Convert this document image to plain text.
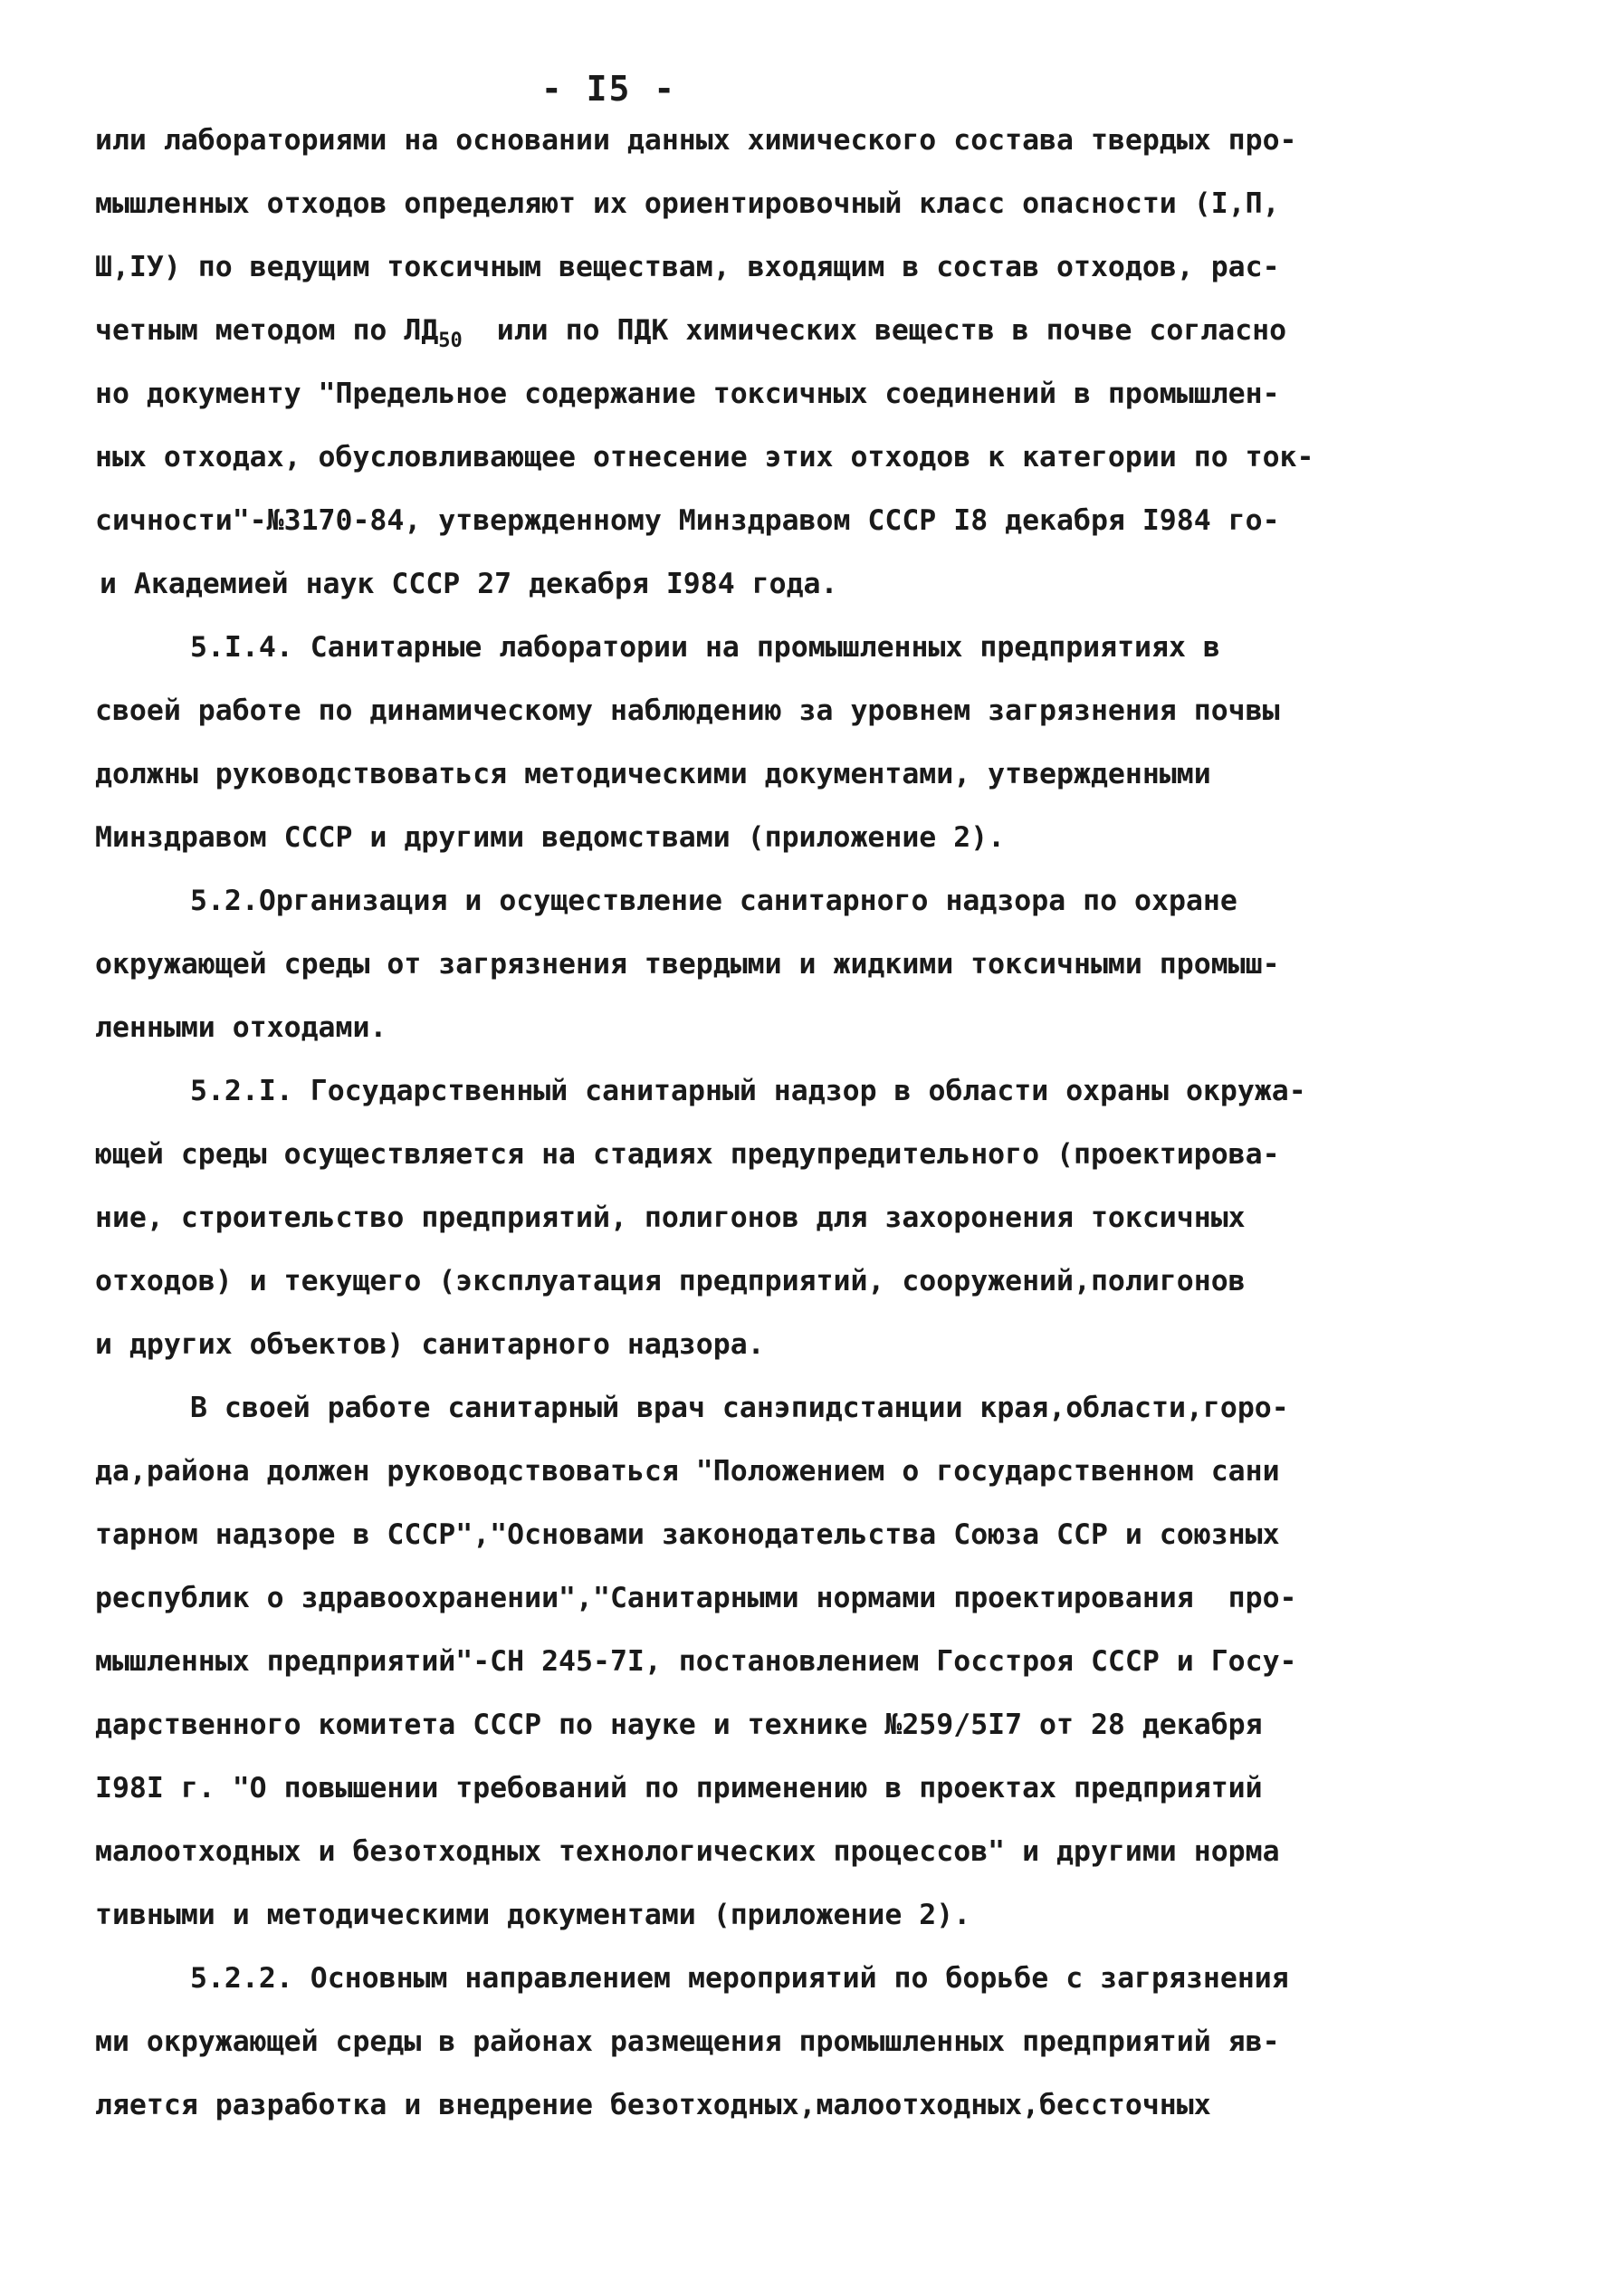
- I5 -
или лабораториями на основании данных химического состава твердых про-
мышленных отходов определяют их ориентировочный класс опасности (I,П,
Ш,IУ) по ведущим токсичным веществам, входящим в состав отходов, рас-
четным методом по $ЛД_{50}$  или по ПДК химических веществ в почве согласно
но документу "Предельное содержание токсичных соединений в промышлен-
ных отходах, обусловливающее отнесение этих отходов к категории по ток-
сичности"-№3170-84, утвержденному Минздравом СССР I8 декабря I984 го-
и Академией наук СССР 27 декабря I984 года.
5.I.4. Санитарные лаборатории на промышленных предприятиях в
своей работе по динамическому наблюдению за уровнем загрязнения почвы
должны руководствоваться методическими документами, утвержденными
Минздравом СССР и другими ведомствами (приложение 2).
5.2.Организация и осуществление санитарного надзора по охране
окружающей среды от загрязнения твердыми и жидкими токсичными промыш-
ленными отходами.
5.2.I. Государственный санитарный надзор в области охраны окружа-
ющей среды осуществляется на стадиях предупредительного (проектирова-
ние, строительство предприятий, полигонов для захоронения токсичных
отходов) и текущего (эксплуатация предприятий, сооружений,полигонов
и других объектов) санитарного надзора.
В своей работе санитарный врач санэпидстанции края,области,горо-
да,района должен руководствоваться "Положением о государственном сани
тарном надзоре в СССР","Основами законодательства Союза ССР и союзных
республик о здравоохранении","Санитарными нормами проектирования  про-
мышленных предприятий"-СН 245-7I, постановлением Госстроя СССР и Госу-
дарственного комитета СССР по науке и технике №259/5I7 от 28 декабря
I98I г. "О повышении требований по применению в проектах предприятий
малоотходных и безотходных технологических процессов" и другими норма
тивными и методическими документами (приложение 2).
5.2.2. Основным направлением мероприятий по борьбе с загрязнения
ми окружающей среды в районах размещения промышленных предприятий яв-
ляется разработка и внедрение безотходных,малоотходных,бессточных
